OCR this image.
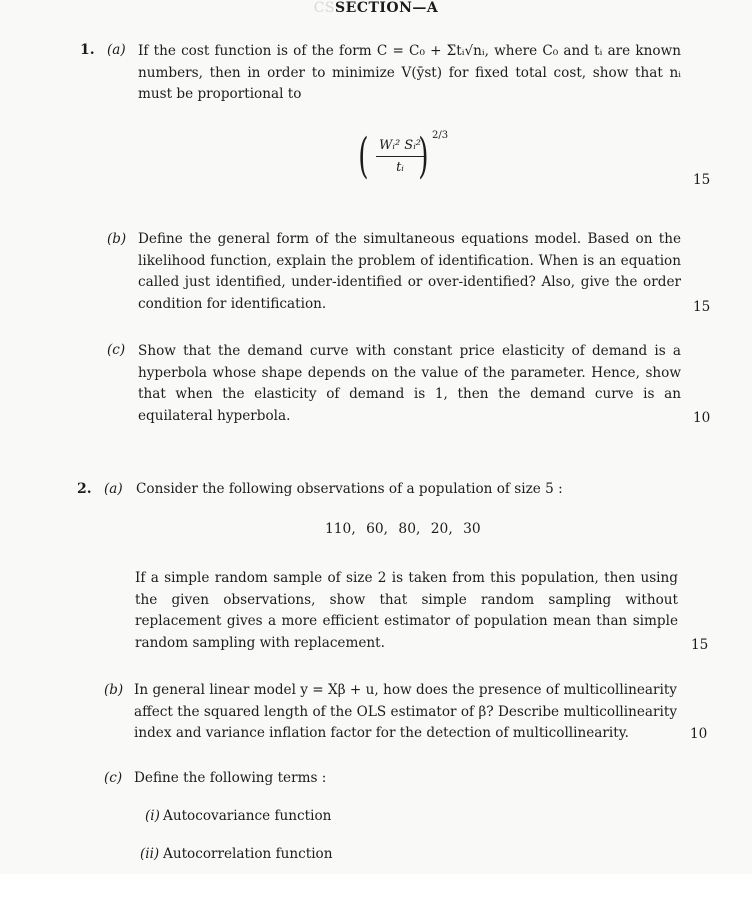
CSSECTION—A
1. (a) If the cost function is of the form C = C₀ + Σtᵢ√nᵢ, where C₀ and tᵢ are known
numbers, then in order to minimize V(ȳst) for fixed total cost, show that nᵢ
must be proportional to
( Wᵢ² Sᵢ²
tᵢ ) 2/3
15
(b) Define the general form of the simultaneous equations model. Based on the
likelihood function, explain the problem of identification. When is an equation
called just identified, under-identified or over-identified? Also, give the order
condition for identification.	15
(c) Show that the demand curve with constant price elasticity of demand is a
hyperbola whose shape depends on the value of the parameter. Hence, show
that when the elasticity of demand is 1, then the demand curve is an
equilateral hyperbola.	10
2. (a) Consider the following observations of a population of size 5 :
110, 60, 80, 20, 30
If a simple random sample of size 2 is taken from this population, then using
the given observations, show that simple random sampling without
replacement gives a more efficient estimator of population mean than simple
random sampling with replacement.	15
(b) In general linear model y = Xβ + u, how does the presence of multicollinearity
affect the squared length of the OLS estimator of β? Describe multicollinearity
index and variance inflation factor for the detection of multicollinearity.	10
(c) Define the following terms :
(i) Autocovariance function
(ii) Autocorrelation function
